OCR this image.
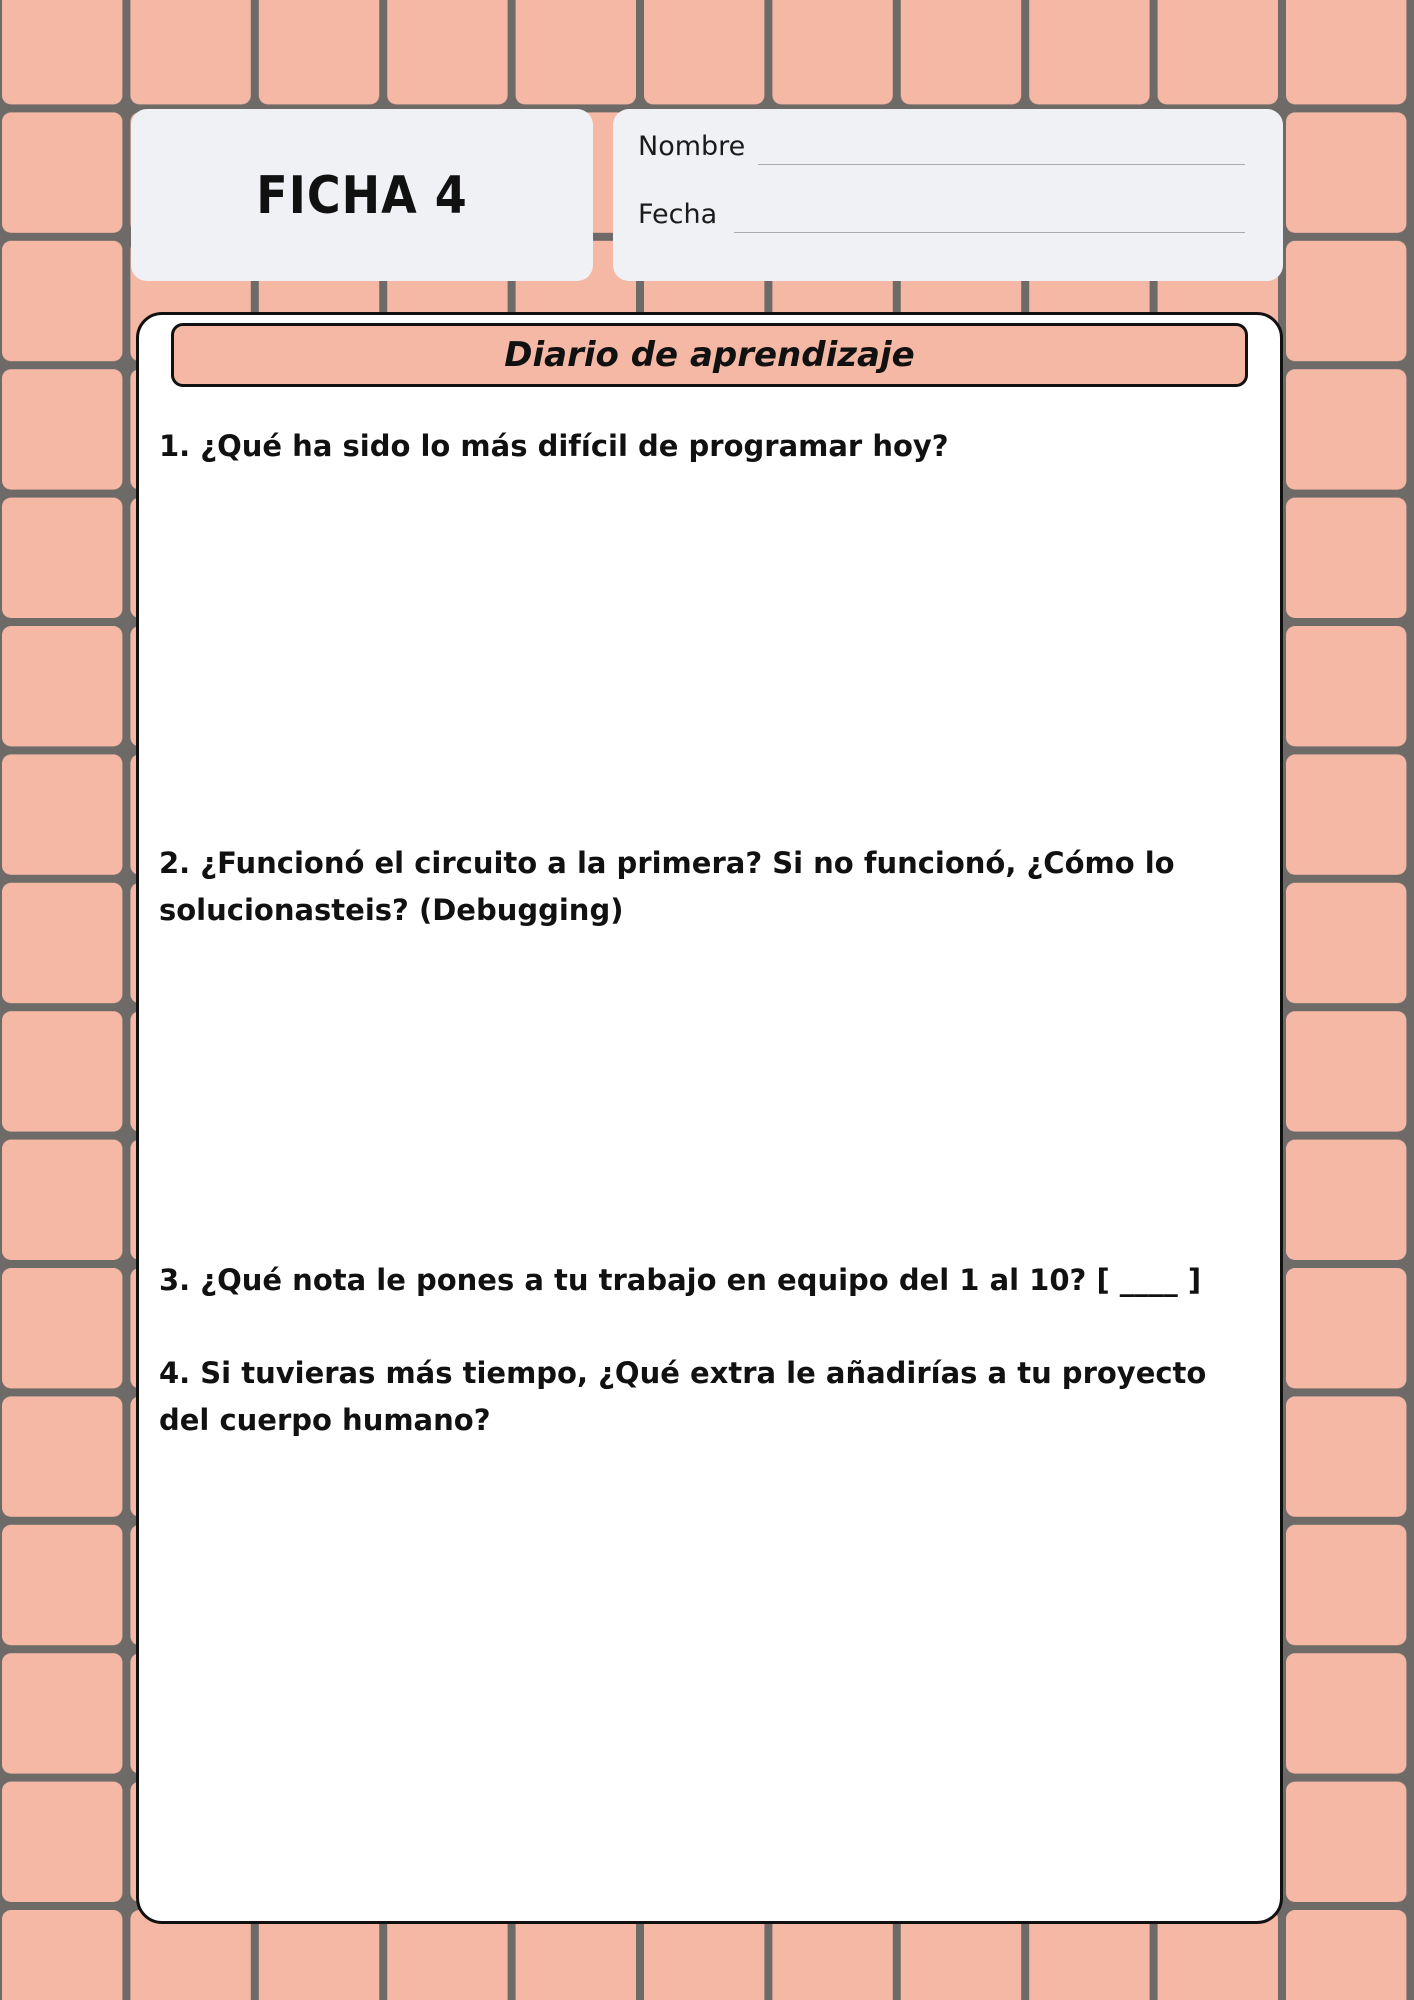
FICHA 4
Nombre
Fecha
Diario de aprendizaje
1. ¿Qué ha sido lo más difícil de programar hoy?
2. ¿Funcionó el circuito a la primera? Si no funcionó, ¿Cómo lo solucionasteis? (Debugging)
3. ¿Qué nota le pones a tu trabajo en equipo del 1 al 10? [ ____ ]
4. Si tuvieras más tiempo, ¿Qué extra le añadirías a tu proyecto del cuerpo humano?
